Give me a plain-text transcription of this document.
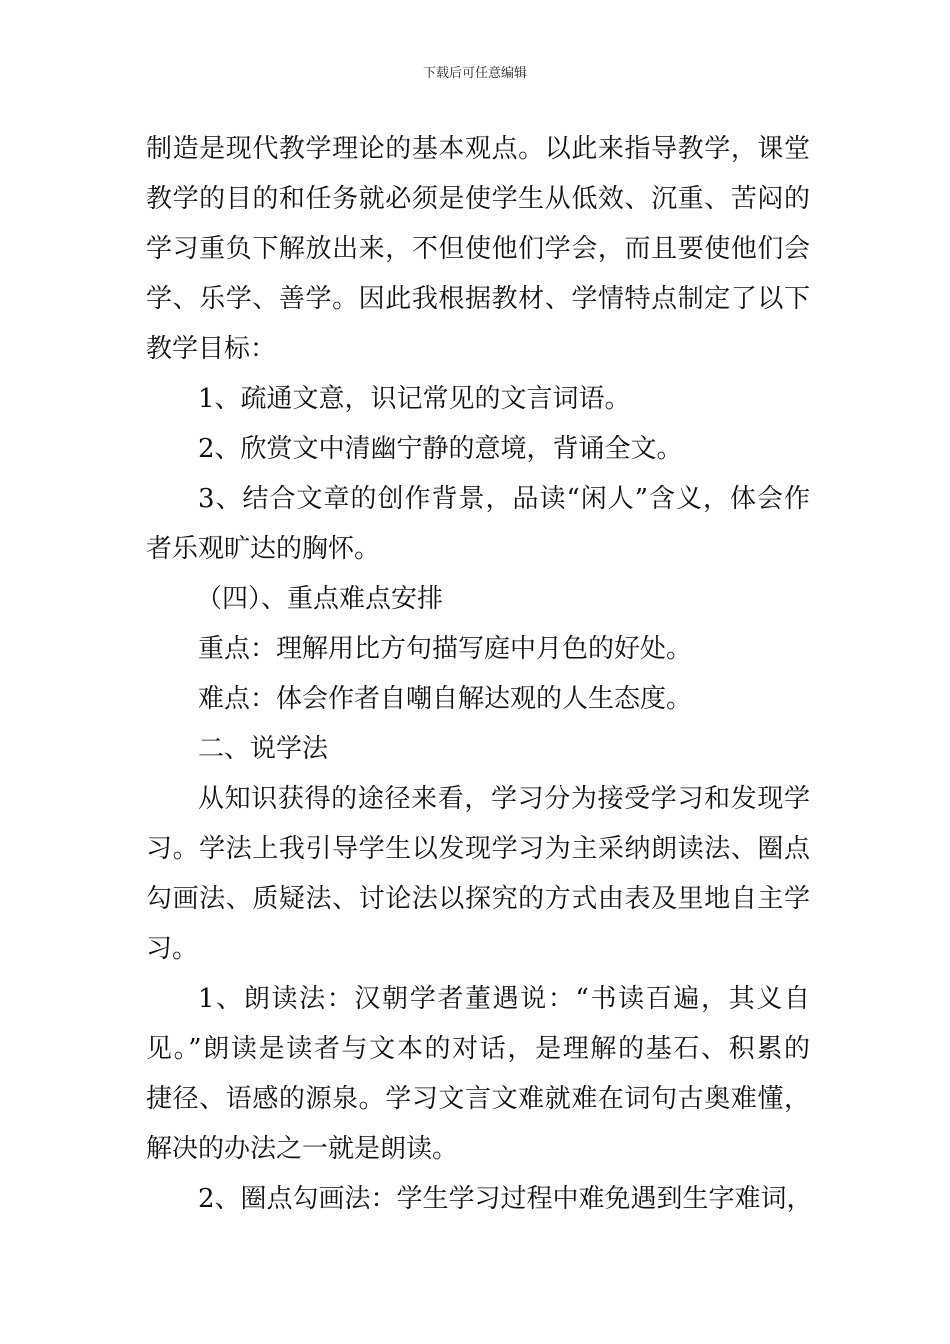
下载后可任意编辑
制造是现代教学理论的基本观点。以此来指导教学，课堂
教学的目的和任务就必须是使学生从低效、沉重、苦闷的
学习重负下解放出来，不但使他们学会，而且要使他们会
学、乐学、善学。因此我根据教材、学情特点制定了以下
教学目标：
1、疏通文意，识记常见的文言词语。
2、欣赏文中清幽宁静的意境，背诵全文。
3、结合文章的创作背景，品读“闲人”含义，体会作
者乐观旷达的胸怀。
（四）、重点难点安排
重点：理解用比方句描写庭中月色的好处。
难点：体会作者自嘲自解达观的人生态度。
二、说学法
从知识获得的途径来看，学习分为接受学习和发现学
习。学法上我引导学生以发现学习为主采纳朗读法、圈点
勾画法、质疑法、讨论法以探究的方式由表及里地自主学
习。
1、朗读法：汉朝学者董遇说：“书读百遍，其义自
见。”朗读是读者与文本的对话，是理解的基石、积累的
捷径、语感的源泉。学习文言文难就难在词句古奥难懂，
解决的办法之一就是朗读。
2、圈点勾画法：学生学习过程中难免遇到生字难词，
